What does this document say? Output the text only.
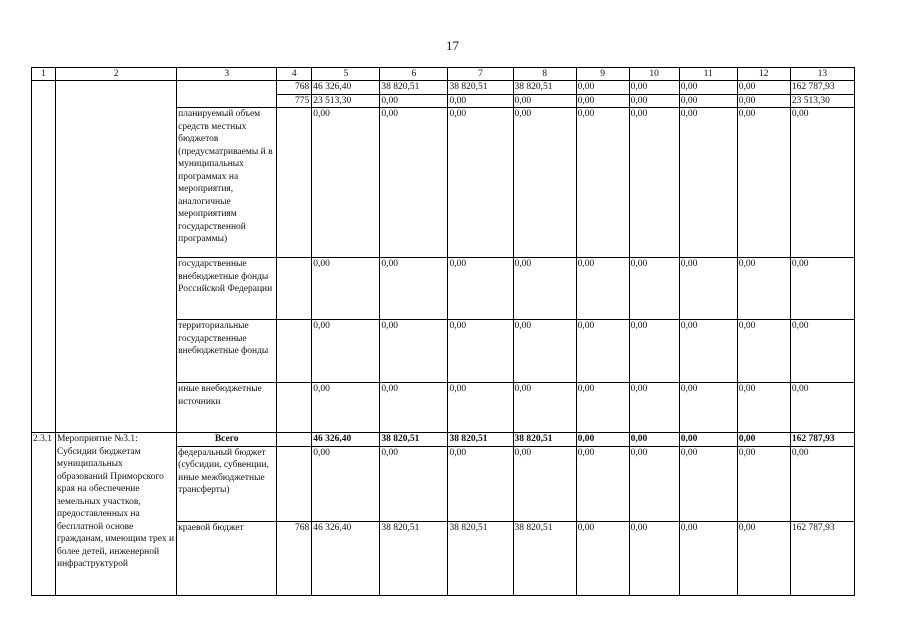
17
1	2	3	4	5	6	7	8	9	10	11	12	13
			768	46 326,40	38 820,51	38 820,51	38 820,51	0,00	0,00	0,00	0,00	162 787,93
			775	23 513,30	0,00	0,00	0,00	0,00	0,00	0,00	0,00	23 513,30
		планируемый объем средств местных бюджетов (предусматриваемы й в муниципальных программах на мероприятия, аналогичные мероприятиям государственной программы)		0,00	0,00	0,00	0,00	0,00	0,00	0,00	0,00	0,00
		государственные внебюджетные фонды Российской Федерации		0,00	0,00	0,00	0,00	0,00	0,00	0,00	0,00	0,00
		территориальные государственные внебюджетные фонды		0,00	0,00	0,00	0,00	0,00	0,00	0,00	0,00	0,00
		иные внебюджетные источники		0,00	0,00	0,00	0,00	0,00	0,00	0,00	0,00	0,00
2.3.1	Мероприятие №3.1: Субсидии бюджетам муниципальных образований Приморского края на обеспечение земельных участков, предоставленных на бесплатной основе гражданам, имеющим трех и более детей, инженерной инфраструктурой	Всего		46 326,40	38 820,51	38 820,51	38 820,51	0,00	0,00	0,00	0,00	162 787,93
		федеральный бюджет (субсидии, субвенции, иные межбюджетные трансферты)		0,00	0,00	0,00	0,00	0,00	0,00	0,00	0,00	0,00
		краевой бюджет	768	46 326,40	38 820,51	38 820,51	38 820,51	0,00	0,00	0,00	0,00	162 787,93
